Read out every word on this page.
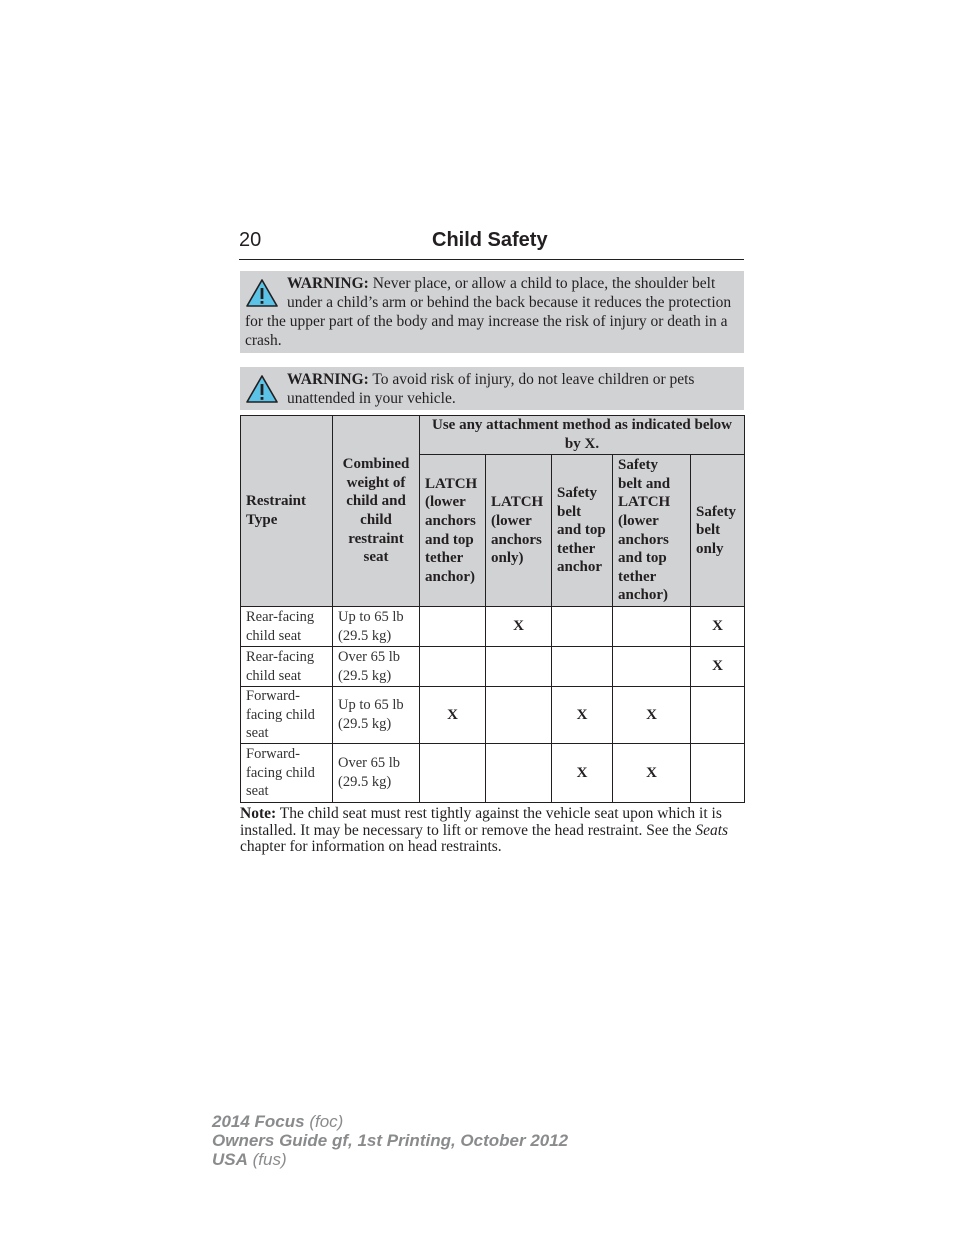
20	Child Safety
WARNING: Never place, or allow a child to place, the shoulder belt under a child’s arm or behind the back because it reduces the protection for the upper part of the body and may increase the risk of injury or death in a crash.
WARNING: To avoid risk of injury, do not leave children or pets unattended in your vehicle.
Restraint Type	Combined weight of child and child restraint seat	Use any attachment method as indicated below by X.				
		LATCH (lower anchors and top tether anchor)	LATCH (lower anchors only)	Safety belt and top tether anchor	Safety belt and LATCH (lower anchors and top tether anchor)	Safety belt only
Rear-facing child seat	Up to 65 lb (29.5 kg)		X			X
Rear-facing child seat	Over 65 lb (29.5 kg)					X
Forward-facing child seat	Up to 65 lb (29.5 kg)	X		X	X	
Forward-facing child seat	Over 65 lb (29.5 kg)			X	X	
Note: The child seat must rest tightly against the vehicle seat upon which it is installed. It may be necessary to lift or remove the head restraint. See the Seats chapter for information on head restraints.
2014 Focus (foc)
Owners Guide gf, 1st Printing, October 2012
USA (fus)
